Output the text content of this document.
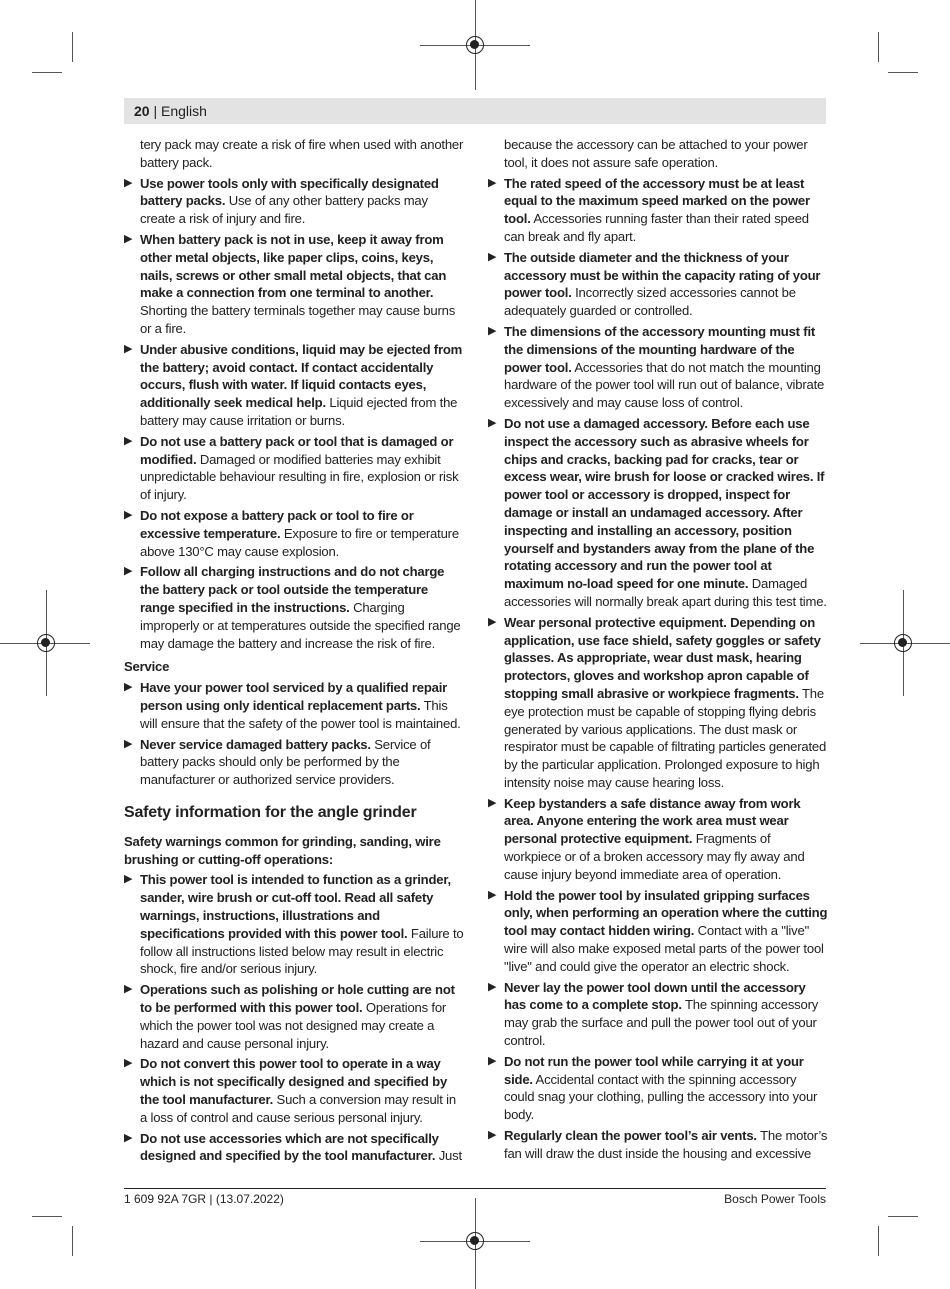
20 | English

tery pack may create a risk of fire when used with another battery pack.

▶ Use power tools only with specifically designated battery packs. Use of any other battery packs may create a risk of injury and fire.
▶ When battery pack is not in use, keep it away from other metal objects, like paper clips, coins, keys, nails, screws or other small metal objects, that can make a connection from one terminal to another. Shorting the battery terminals together may cause burns or a fire.
▶ Under abusive conditions, liquid may be ejected from the battery; avoid contact. If contact accidentally occurs, flush with water. If liquid contacts eyes, additionally seek medical help. Liquid ejected from the battery may cause irritation or burns.
▶ Do not use a battery pack or tool that is damaged or modified. Damaged or modified batteries may exhibit unpredictable behaviour resulting in fire, explosion or risk of injury.
▶ Do not expose a battery pack or tool to fire or excessive temperature. Exposure to fire or temperature above 130°C may cause explosion.
▶ Follow all charging instructions and do not charge the battery pack or tool outside the temperature range specified in the instructions. Charging improperly or at temperatures outside the specified range may damage the battery and increase the risk of fire.

Service

▶ Have your power tool serviced by a qualified repair person using only identical replacement parts. This will ensure that the safety of the power tool is maintained.
▶ Never service damaged battery packs. Service of battery packs should only be performed by the manufacturer or authorized service providers.

Safety information for the angle grinder

Safety warnings common for grinding, sanding, wire brushing or cutting-off operations:

▶ This power tool is intended to function as a grinder, sander, wire brush or cut-off tool. Read all safety warnings, instructions, illustrations and specifications provided with this power tool. Failure to follow all instructions listed below may result in electric shock, fire and/or serious injury.
▶ Operations such as polishing or hole cutting are not to be performed with this power tool. Operations for which the power tool was not designed may create a hazard and cause personal injury.
▶ Do not convert this power tool to operate in a way which is not specifically designed and specified by the tool manufacturer. Such a conversion may result in a loss of control and cause serious personal injury.
▶ Do not use accessories which are not specifically designed and specified by the tool manufacturer. Just

because the accessory can be attached to your power tool, it does not assure safe operation.

▶ The rated speed of the accessory must be at least equal to the maximum speed marked on the power tool. Accessories running faster than their rated speed can break and fly apart.
▶ The outside diameter and the thickness of your accessory must be within the capacity rating of your power tool. Incorrectly sized accessories cannot be adequately guarded or controlled.
▶ The dimensions of the accessory mounting must fit the dimensions of the mounting hardware of the power tool. Accessories that do not match the mounting hardware of the power tool will run out of balance, vibrate excessively and may cause loss of control.
▶ Do not use a damaged accessory. Before each use inspect the accessory such as abrasive wheels for chips and cracks, backing pad for cracks, tear or excess wear, wire brush for loose or cracked wires. If power tool or accessory is dropped, inspect for damage or install an undamaged accessory. After inspecting and installing an accessory, position yourself and bystanders away from the plane of the rotating accessory and run the power tool at maximum no-load speed for one minute. Damaged accessories will normally break apart during this test time.
▶ Wear personal protective equipment. Depending on application, use face shield, safety goggles or safety glasses. As appropriate, wear dust mask, hearing protectors, gloves and workshop apron capable of stopping small abrasive or workpiece fragments. The eye protection must be capable of stopping flying debris generated by various applications. The dust mask or respirator must be capable of filtrating particles generated by the particular application. Prolonged exposure to high intensity noise may cause hearing loss.
▶ Keep bystanders a safe distance away from work area. Anyone entering the work area must wear personal protective equipment. Fragments of workpiece or of a broken accessory may fly away and cause injury beyond immediate area of operation.
▶ Hold the power tool by insulated gripping surfaces only, when performing an operation where the cutting tool may contact hidden wiring. Contact with a "live" wire will also make exposed metal parts of the power tool "live" and could give the operator an electric shock.
▶ Never lay the power tool down until the accessory has come to a complete stop. The spinning accessory may grab the surface and pull the power tool out of your control.
▶ Do not run the power tool while carrying it at your side. Accidental contact with the spinning accessory could snag your clothing, pulling the accessory into your body.
▶ Regularly clean the power tool’s air vents. The motor’s fan will draw the dust inside the housing and excessive
1 609 92A 7GR | (13.07.2022)	Bosch Power Tools
